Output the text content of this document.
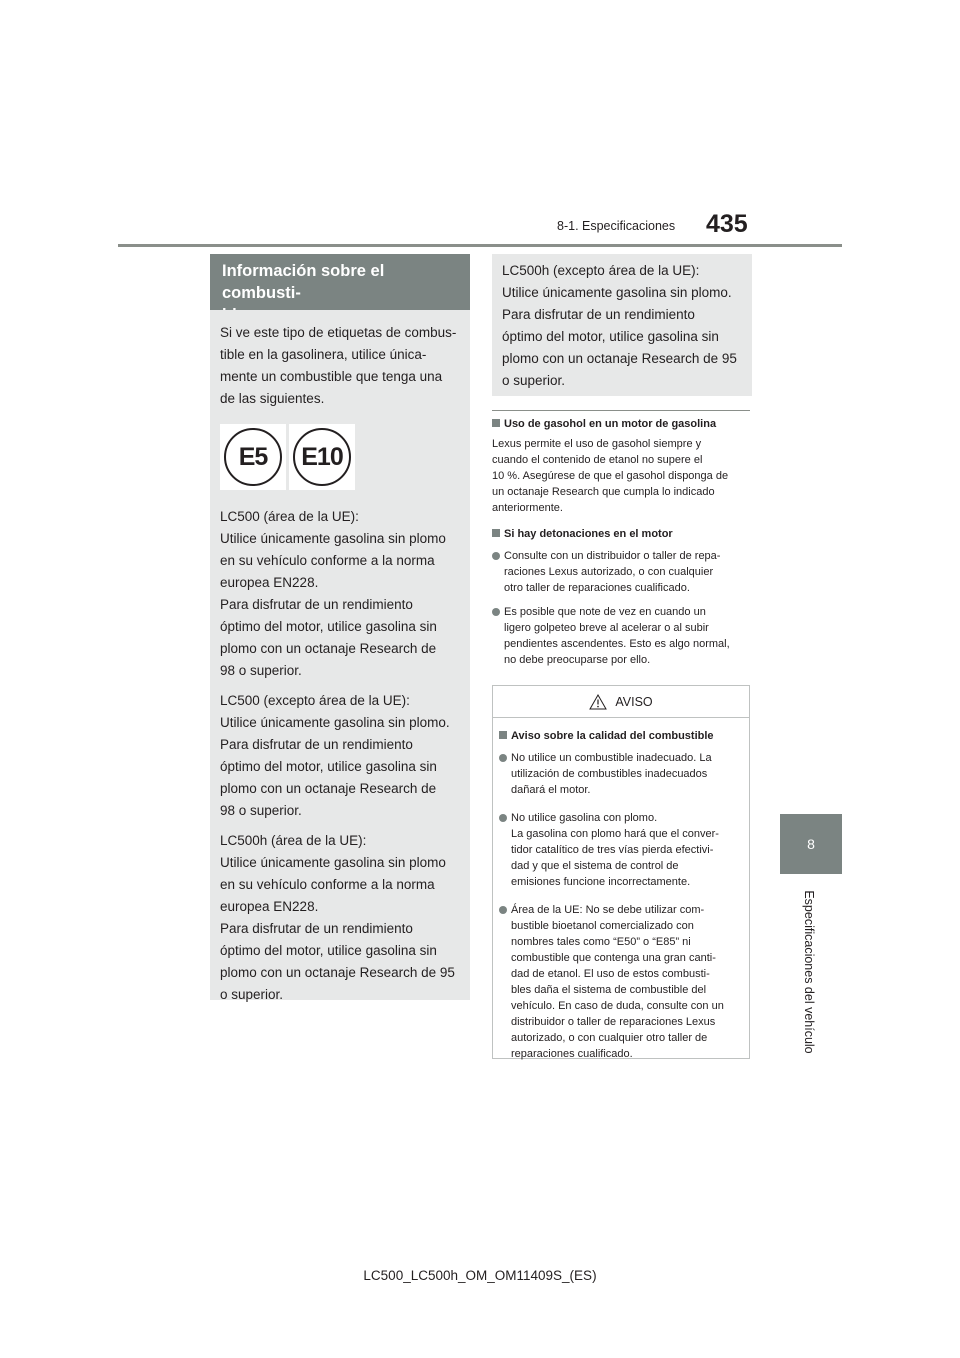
8-1. Especificaciones 435
8
Especificaciones del vehículo
Información sobre el combusti-

Si ve este tipo de etiquetas de combus-
tible en la gasolinera, utilice única-
mente un combustible que tenga una
de las siguientes.
E5 E10
LC500 (área de la UE):
Utilice únicamente gasolina sin plomo
en su vehículo conforme a la norma
europea EN228.
Para disfrutar de un rendimiento
óptimo del motor, utilice gasolina sin
plomo con un octanaje Research de
98 o superior.
LC500 (excepto área de la UE):
Utilice únicamente gasolina sin plomo.
Para disfrutar de un rendimiento
óptimo del motor, utilice gasolina sin
plomo con un octanaje Research de
98 o superior.
LC500h (área de la UE):
Utilice únicamente gasolina sin plomo
en su vehículo conforme a la norma
europea EN228.
Para disfrutar de un rendimiento
óptimo del motor, utilice gasolina sin
plomo con un octanaje Research de 95
o superior.
LC500h (excepto área de la UE):
Utilice únicamente gasolina sin plomo.
Para disfrutar de un rendimiento
óptimo del motor, utilice gasolina sin
plomo con un octanaje Research de 95
o superior.
Uso de gasohol en un motor de gasolina
Lexus permite el uso de gasohol siempre y
cuando el contenido de etanol no supere el
10 %. Asegúrese de que el gasohol disponga de
un octanaje Research que cumpla lo indicado
anteriormente.
Si hay detonaciones en el motor
Consulte con un distribuidor o taller de repa-
raciones Lexus autorizado, o con cualquier
otro taller de reparaciones cualificado.
Es posible que note de vez en cuando un
ligero golpeteo breve al acelerar o al subir
pendientes ascendentes. Esto es algo normal,
no debe preocuparse por ello.
AVISO
Aviso sobre la calidad del combustible
No utilice un combustible inadecuado. La
utilización de combustibles inadecuados
dañará el motor.
No utilice gasolina con plomo.
La gasolina con plomo hará que el conver-
tidor catalítico de tres vías pierda efectivi-
dad y que el sistema de control de
emisiones funcione incorrectamente.
Área de la UE: No se debe utilizar com-
bustible bioetanol comercializado con
nombres tales como “E50” o “E85” ni
combustible que contenga una gran canti-
dad de etanol. El uso de estos combusti-
bles daña el sistema de combustible del
vehículo. En caso de duda, consulte con un
distribuidor o taller de reparaciones Lexus
autorizado, o con cualquier otro taller de
reparaciones cualificado.
LC500_LC500h_OM_OM11409S_(ES)
